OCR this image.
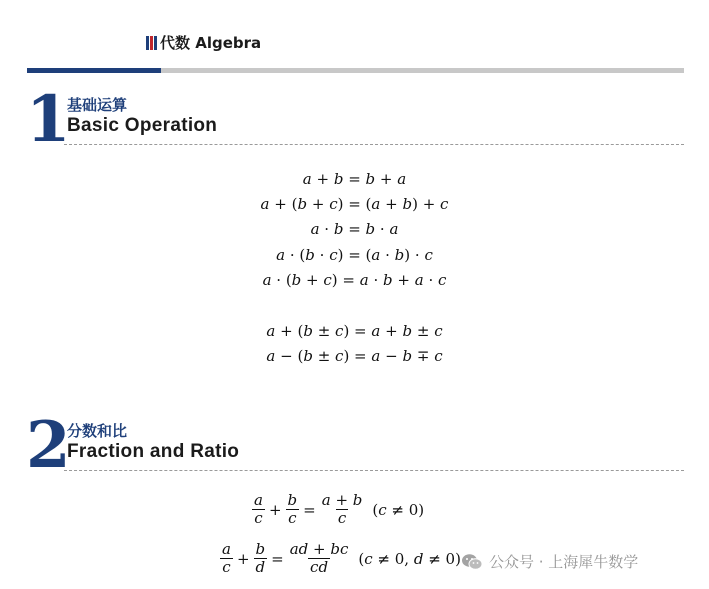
代数 Algebra
1
基础运算
Basic Operation
a + b = b + a
a + (b + c) = (a + b) + c
a · b = b · a
a · (b · c) = (a · b) · c
a · (b + c) = a · b + a · c
a + (b ± c) = a + b ± c
a − (b ± c) = a − b ∓ c
2
分数和比
Fraction and Ratio
$\frac{a}{c} + \frac{b}{c} = \frac{a + b}{c} (c \ne 0)$
$\frac{a}{c} + \frac{b}{d} = \frac{ad + bc}{cd} (c \ne 0$, d ≠ 0) 公众号 · 上海犀牛数学
